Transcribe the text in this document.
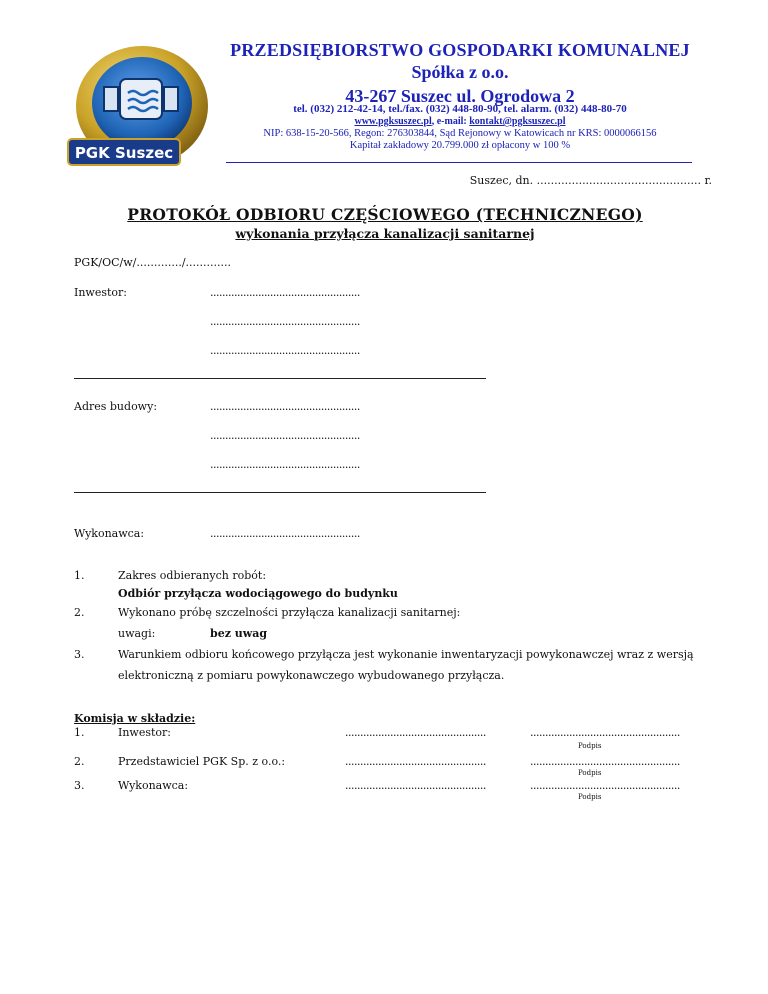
PGK Suszec
PRZEDSIĘBIORSTWO GOSPODARKI KOMUNALNEJ
Spółka z o.o.
43-267 Suszec ul. Ogrodowa 2
tel. (032) 212-42-14, tel./fax. (032) 448-80-90, tel. alarm. (032) 448-80-70
www.pgksuszec.pl, e-mail: kontakt@pgksuszec.pl
NIP: 638-15-20-566, Regon: 276303844, Sąd Rejonowy w Katowicach nr KRS: 0000066156
Kapitał zakładowy 20.799.000 zł opłacony w 100 %
Suszec, dn. ............................................... r.
PROTOKÓŁ ODBIORU CZĘŚCIOWEGO (TECHNICZNEGO)
wykonania przyłącza kanalizacji sanitarnej
PGK/OC/w/............./.............
Inwestor:	..................................................
..................................................
..................................................
Adres budowy:	..................................................
..................................................
..................................................
Wykonawca:	..................................................
1.	Zakres odbieranych robót:
Odbiór przyłącza wodociągowego do budynku
2.	Wykonano próbę szczelności przyłącza kanalizacji sanitarnej:
uwagi:	bez uwag
3.	Warunkiem odbioru końcowego przyłącza jest wykonanie inwentaryzacji powykonawczej wraz z wersją
elektroniczną z pomiaru powykonawczego wybudowanego przyłącza.
Komisja w składzie:
1.	Inwestor:	...............................................	..................................................
Podpis
2.	Przedstawiciel PGK Sp. z o.o.:	...............................................	..................................................
Podpis
3.	Wykonawca:	...............................................	..................................................
Podpis
